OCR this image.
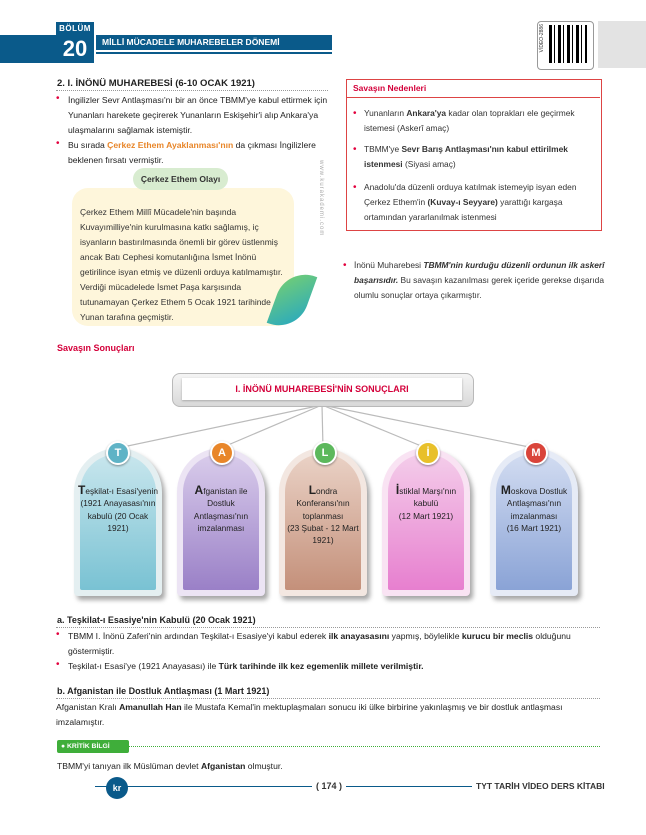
BÖLÜM
20	MİLLİ MÜCADELE MUHAREBELER DÖNEMİ	VİDEO-2886
2. I. İNÖNÜ MUHAREBESİ (6-10 OCAK 1921)
• İngilizler Sevr Antlaşması'nı bir an önce TBMM'ye kabul ettirmek için Yunanları harekete geçirerek Yunanların Eskişehir'i alıp Ankara'ya ulaşmalarını sağlamak istemiştir.

• Bu sırada Çerkez Ethem Ayaklanması'nın da çıkması İngilizlere beklenen fırsatı vermiştir.

Çerkez Ethem Olayı

Çerkez Ethem Millî Mücadele'nin başında Kuvayımilliye'nin kurulmasına katkı sağlamış, iç isyanların bastırılmasında önemli bir görev üstlenmiş ancak Batı Cephesi komutanlığına İsmet İnönü getirilince isyan etmiş ve düzenli orduya katılmamıştır. Verdiği mücadelede İsmet Paşa karşısında tutunamayan Çerkez Ethem 5 Ocak 1921 tarihinde Yunan tarafına geçmiştir.

www.kurakademi.com
Savaşın Nedenleri
• Yunanların Ankara'ya kadar olan toprakları ele geçirmek istemesi (Askerî amaç)
• TBMM'ye Sevr Barış Antlaşması'nın kabul ettirilmek istenmesi (Siyasi amaç)
• Anadolu'da düzenli orduya katılmak istemeyip isyan eden Çerkez Ethem'in (Kuvay-ı Seyyare) yarattığı kargaşa ortamından yararlanılmak istenmesi
• İnönü Muharebesi TBMM'nin kurduğu düzenli ordunun ilk askerî başarısıdır. Bu savaşın kazanılması gerek içeride gerekse dışarıda olumlu sonuçlar ortaya çıkarmıştır.
Savaşın Sonuçları
I. İNÖNÜ MUHAREBESİ'NİN SONUÇLARI
Teşkilat-ı Esasi'yenin
(1921 Anayasası'nın kabulü (20 Ocak 1921)
T
Afganistan ile Dostluk Antlaşması'nın imzalanması
A
Londra Konferansı'nın toplanması
(23 Şubat - 12 Mart 1921)
L
İstiklal Marşı'nın kabulü
(12 Mart 1921)
İ
Moskova Dostluk Antlaşması'nın imzalanması
(16 Mart 1921)
M
a. Teşkilat-ı Esasiye'nin Kabulü (20 Ocak 1921)
• TBMM I. İnönü Zaferi'nin ardından Teşkilat-ı Esasiye'yi kabul ederek ilk anayasasını yapmış, böylelikle kurucu bir meclis olduğunu göstermiştir.

• Teşkilat-ı Esasi'ye (1921 Anayasası) ile Türk tarihinde ilk kez egemenlik millete verilmiştir.

b. Afganistan ile Dostluk Antlaşması (1 Mart 1921)

Afganistan Kralı Amanullah Han ile Mustafa Kemal'in mektuplaşmaları sonucu iki ülke birbirine yakınlaşmış ve bir dostluk antlaşması imzalamıştır.

● KRİTİK BİLGİ

TBMM'yi tanıyan ilk Müslüman devlet Afganistan olmuştur.

kr	( 174 )	TYT TARİH VİDEO DERS KİTABI
